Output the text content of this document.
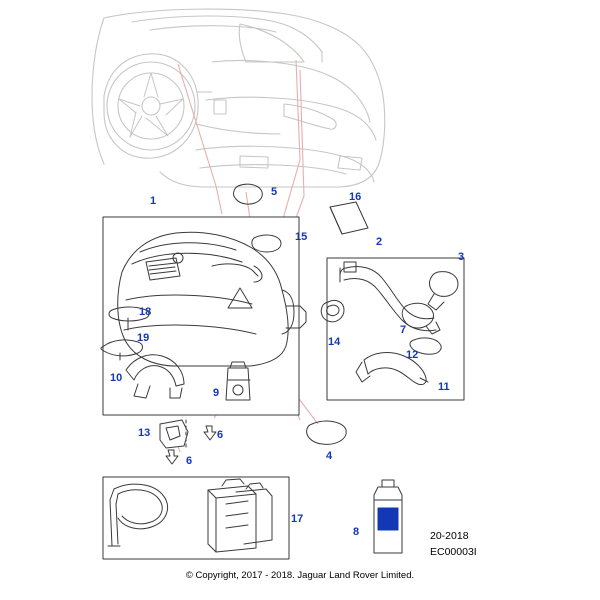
1
2
3
4
5
6
6
7
8
9
10
11
12
13
14
15
16
17
18
19
20-2018
EC00003I
© Copyright, 2017 - 2018. Jaguar Land Rover Limited.
